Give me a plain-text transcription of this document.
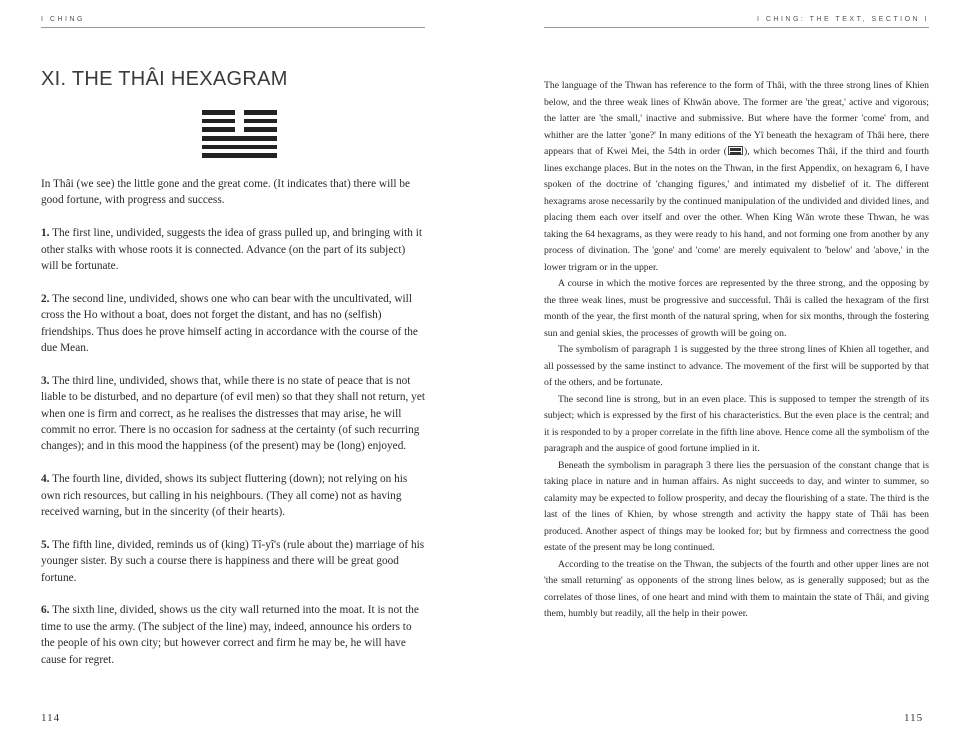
I CHING
XI. THE THÂI HEXAGRAM

In Thâi (we see) the little gone and the great come. (It indicates that) there will be good fortune, with progress and success.

1. The first line, undivided, suggests the idea of grass pulled up, and bringing with it other stalks with whose roots it is connected. Advance (on the part of its subject) will be fortunate.

2. The second line, undivided, shows one who can bear with the uncultivated, will cross the Ho without a boat, does not forget the distant, and has no (selfish) friendships. Thus does he prove himself acting in accordance with the course of the due Mean.

3. The third line, undivided, shows that, while there is no state of peace that is not liable to be disturbed, and no departure (of evil men) so that they shall not return, yet when one is firm and correct, as he realises the distresses that may arise, he will commit no error. There is no occasion for sadness at the certainty (of such recurring changes); and in this mood the happiness (of the present) may be (long) enjoyed.

4. The fourth line, divided, shows its subject fluttering (down); not relying on his own rich resources, but calling in his neighbours. (They all come) not as having received warning, but in the sincerity (of their hearts).

5. The fifth line, divided, reminds us of (king) Tî-yî's (rule about the) marriage of his younger sister. By such a course there is happiness and there will be great good fortune.

6. The sixth line, divided, shows us the city wall returned into the moat. It is not the time to use the army. (The subject of the line) may, indeed, announce his orders to the people of his own city; but however correct and firm he may be, he will have cause for regret.

114
I CHING: THE TEXT, SECTION I

The language of the Thwan has reference to the form of Thâi, with the three strong lines of Khien below, and the three weak lines of Khwăn above. The former are 'the great,' active and vigorous; the latter are 'the small,' inactive and submissive. But where have the former 'come' from, and whither are the latter 'gone?' In many editions of the Yî beneath the hexagram of Thâi here, there appears that of Kwei Mei, the 54th in order ( ), which becomes Thâi, if the third and fourth lines exchange places. But in the notes on the Thwan, in the first Appendix, on hexagram 6, I have spoken of the doctrine of 'changing figures,' and intimated my disbelief of it. The different hexagrams arose necessarily by the continued manipulation of the undivided and divided lines, and placing them each over itself and over the other. When King Wăn wrote these Thwan, he was taking the 64 hexagrams, as they were ready to his hand, and not forming one from another by any process of divination. The 'gone' and 'come' are merely equivalent to 'below' and 'above,' in the lower trigram or in the upper.

A course in which the motive forces are represented by the three strong, and the opposing by the three weak lines, must be progressive and successful. Thâi is called the hexagram of the first month of the year, the first month of the natural spring, when for six months, through the fostering sun and genial skies, the processes of growth will be going on.

The symbolism of paragraph 1 is suggested by the three strong lines of Khien all together, and all possessed by the same instinct to advance. The movement of the first will be supported by that of the others, and be fortunate.

The second line is strong, but in an even place. This is supposed to temper the strength of its subject; which is expressed by the first of his characteristics. But the even place is the central; and it is responded to by a proper correlate in the fifth line above. Hence come all the symbolism of the paragraph and the auspice of good fortune implied in it.

Beneath the symbolism in paragraph 3 there lies the persuasion of the constant change that is taking place in nature and in human affairs. As night succeeds to day, and winter to summer, so calamity may be expected to follow prosperity, and decay the flourishing of a state. The third is the last of the lines of Khien, by whose strength and activity the happy state of Thâi has been produced. Another aspect of things may be looked for; but by firmness and correctness the good estate of the present may be long continued.

According to the treatise on the Thwan, the subjects of the fourth and other upper lines are not 'the small returning' as opponents of the strong lines below, as is generally supposed; but as the correlates of those lines, of one heart and mind with them to maintain the state of Thâi, and giving them, humbly but readily, all the help in their power.

115
